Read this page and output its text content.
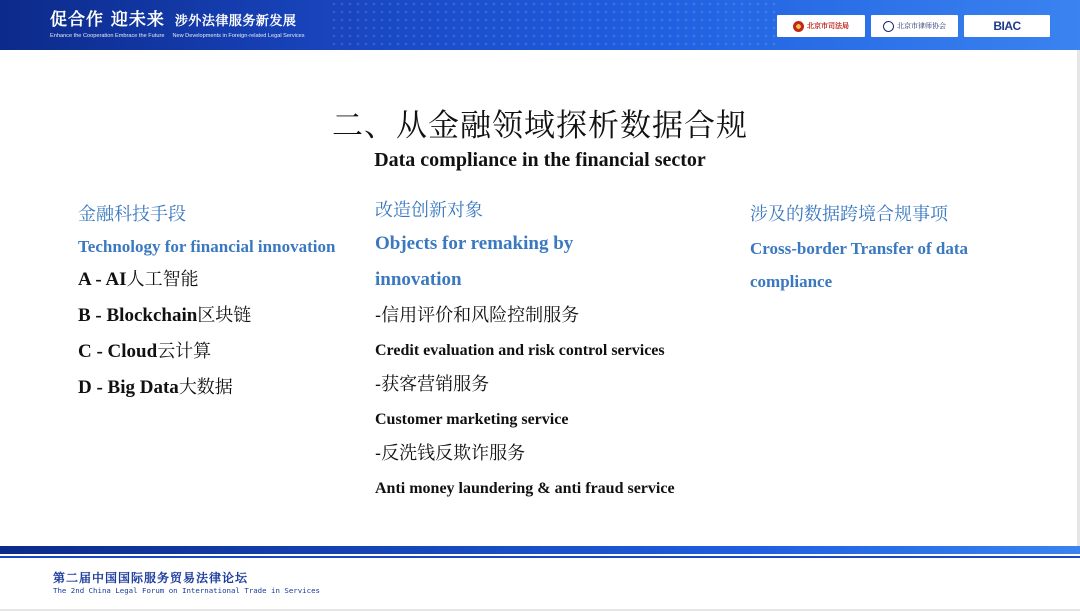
促合作 迎未来 涉外法律服务新发展
Enhance the Cooperation Embrace the Future New Developments in Foreign-related Legal Services
北京市司法局	北京市律师协会	BIAC
二、从金融领域探析数据合规
Data compliance in the financial sector
金融科技手段
Technology for financial innovation
A - AI人工智能
B - Blockchain区块链
C - Cloud云计算
D - Big Data大数据
改造创新对象
Objects for remaking by
innovation
-信用评价和风险控制服务
Credit evaluation and risk control services
-获客营销服务
Customer marketing service
-反洗钱反欺诈服务
Anti money laundering & anti fraud service
涉及的数据跨境合规事项
Cross-border Transfer of data
compliance
第二届中国国际服务贸易法律论坛
The 2nd China Legal Forum on International Trade in Services
